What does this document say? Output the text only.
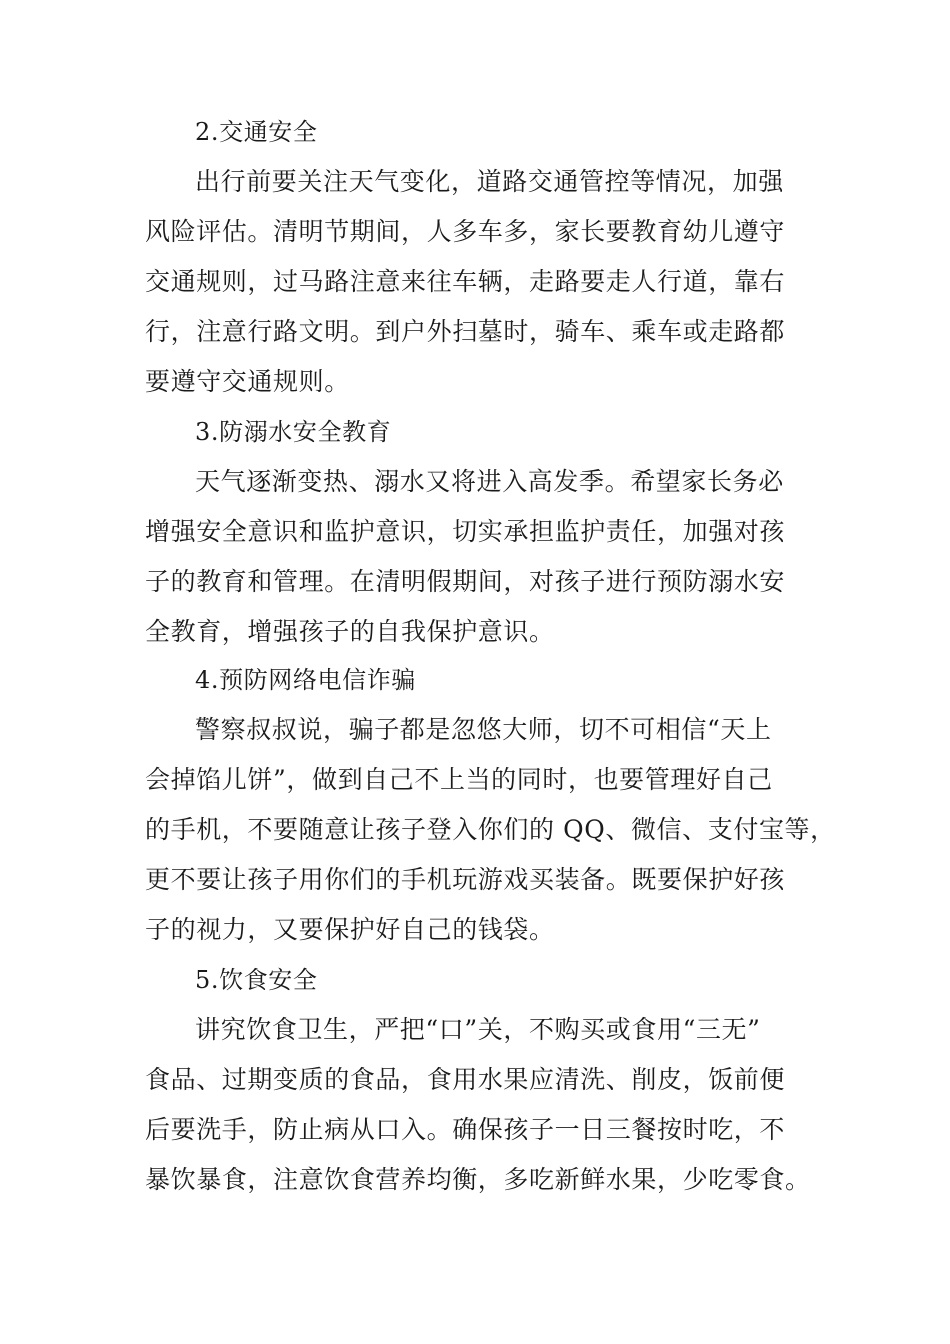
2.交通安全
出行前要关注天气变化，道路交通管控等情况，加强
风险评估。清明节期间，人多车多，家长要教育幼儿遵守
交通规则，过马路注意来往车辆，走路要走人行道，靠右
行，注意行路文明。到户外扫墓时，骑车、乘车或走路都
要遵守交通规则。
3.防溺水安全教育
天气逐渐变热、溺水又将进入高发季。希望家长务必
增强安全意识和监护意识，切实承担监护责任，加强对孩
子的教育和管理。在清明假期间，对孩子进行预防溺水安
全教育，增强孩子的自我保护意识。
4.预防网络电信诈骗
警察叔叔说，骗子都是忽悠大师，切不可相信“天上
会掉馅儿饼”，做到自己不上当的同时，也要管理好自己
的手机，不要随意让孩子登入你们的 QQ、微信、支付宝等，
更不要让孩子用你们的手机玩游戏买装备。既要保护好孩
子的视力，又要保护好自己的钱袋。
5.饮食安全
讲究饮食卫生，严把“口”关，不购买或食用“三无”
食品、过期变质的食品，食用水果应清洗、削皮，饭前便
后要洗手，防止病从口入。确保孩子一日三餐按时吃，不
暴饮暴食，注意饮食营养均衡，多吃新鲜水果，少吃零食。
